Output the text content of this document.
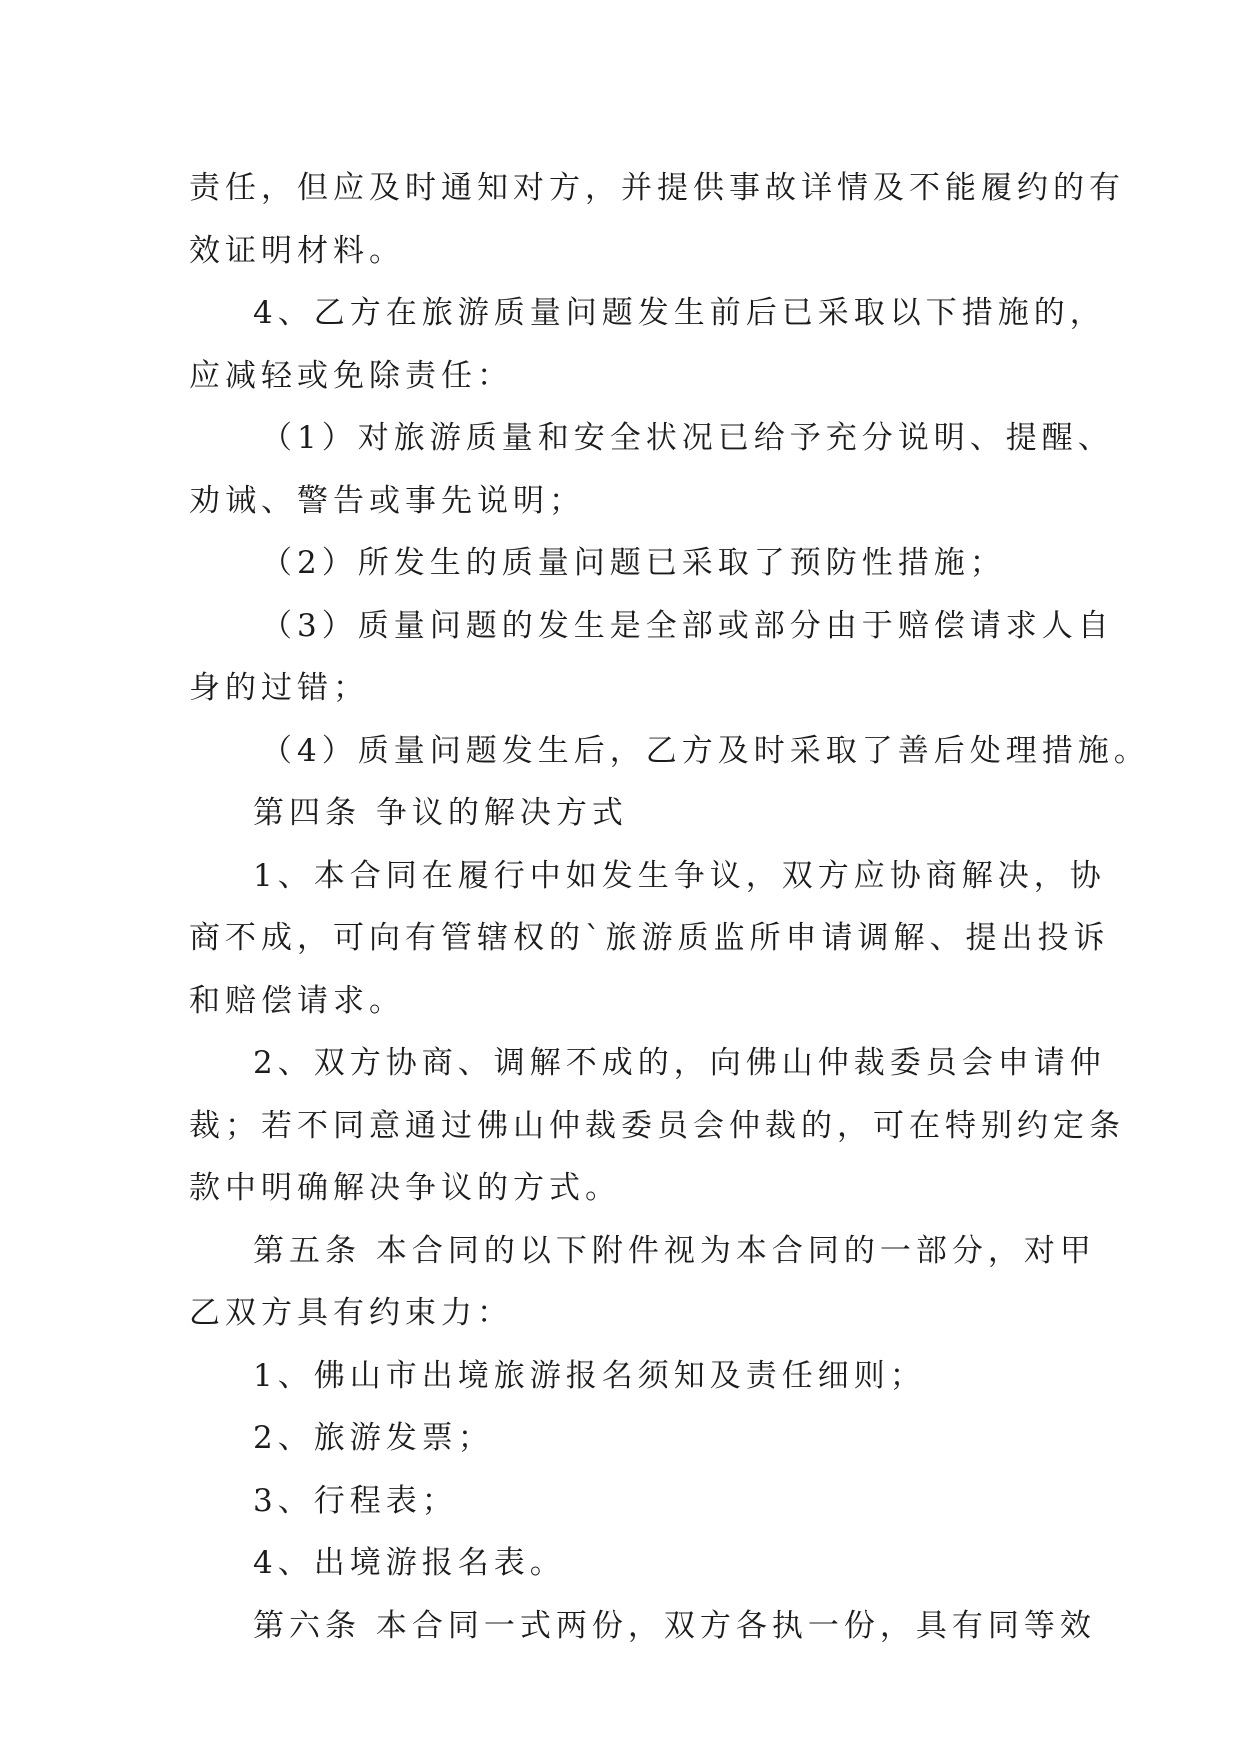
责任，但应及时通知对方，并提供事故详情及不能履约的有
效证明材料。
4、乙方在旅游质量问题发生前后已采取以下措施的，
应减轻或免除责任：
（1）对旅游质量和安全状况已给予充分说明、提醒、
劝诫、警告或事先说明；
（2）所发生的质量问题已采取了预防性措施；
（3）质量问题的发生是全部或部分由于赔偿请求人自
身的过错；
（4）质量问题发生后，乙方及时采取了善后处理措施。
第四条 争议的解决方式
1、本合同在履行中如发生争议，双方应协商解决，协
商不成，可向有管辖权的`旅游质监所申请调解、提出投诉
和赔偿请求。
2、双方协商、调解不成的，向佛山仲裁委员会申请仲
裁；若不同意通过佛山仲裁委员会仲裁的，可在特别约定条
款中明确解决争议的方式。
第五条 本合同的以下附件视为本合同的一部分，对甲
乙双方具有约束力：
1、佛山市出境旅游报名须知及责任细则；
2、旅游发票；
3、行程表；
4、出境游报名表。
第六条 本合同一式两份，双方各执一份，具有同等效
